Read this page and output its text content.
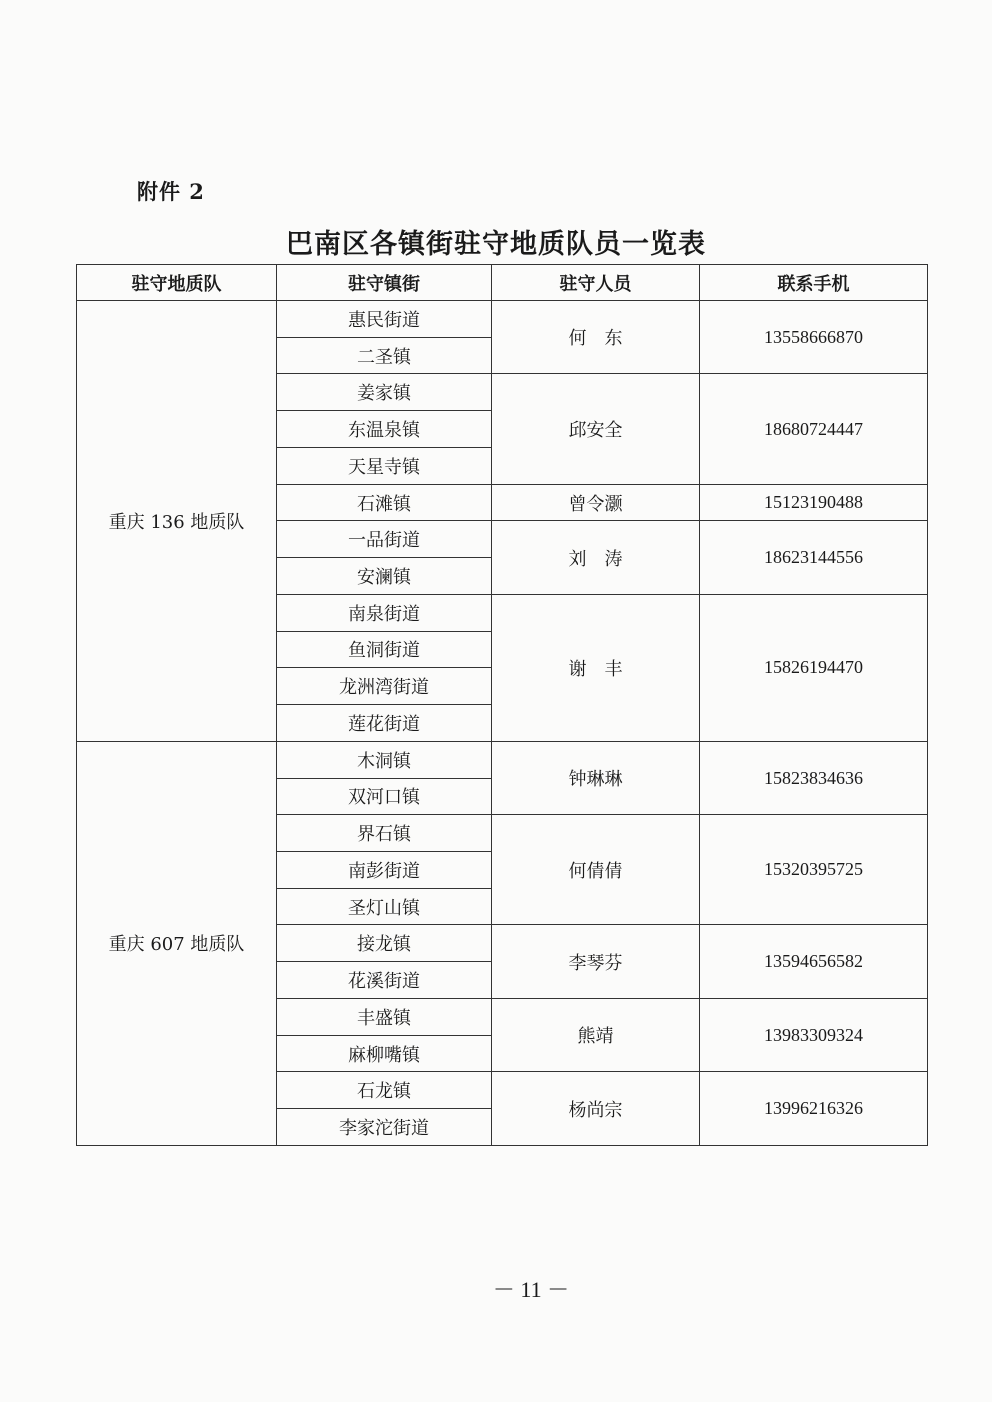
附件 2
巴南区各镇街驻守地质队员一览表
驻守地质队	驻守镇街	驻守人员	联系手机
重庆 136 地质队	惠民街道	何　东	13558666870
	二圣镇		
	姜家镇	邱安全	18680724447
	东温泉镇		
	天星寺镇		
	石滩镇	曾令灏	15123190488
	一品街道	刘　涛	18623144556
	安澜镇		
	南泉街道	谢　丰	15826194470
	鱼洞街道		
	龙洲湾街道		
	莲花街道		
重庆 607 地质队	木洞镇	钟琳琳	15823834636
	双河口镇		
	界石镇	何倩倩	15320395725
	南彭街道		
	圣灯山镇		
	接龙镇	李琴芬	13594656582
	花溪街道		
	丰盛镇	熊靖	13983309324
	麻柳嘴镇		
	石龙镇	杨尚宗	13996216326
	李家沱街道		
－ 11 －
